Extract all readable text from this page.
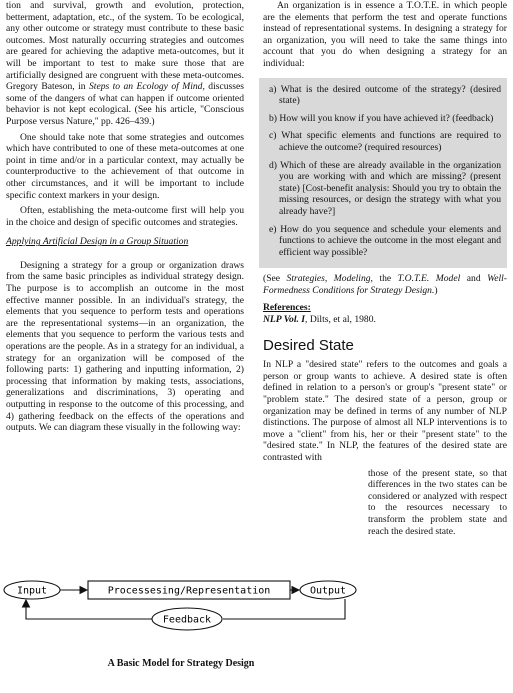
tion and survival, growth and evolution, protection, betterment, adaptation, etc., of the system. To be ecological, any other outcome or strategy must contribute to these basic outcomes. Most naturally occurring strategies and outcomes are geared for achieving the adaptive meta-outcomes, but it will be important to test to make sure those that are artificially designed are congruent with these meta-outcomes. Gregory Bateson, in Steps to an Ecology of Mind, discusses some of the dangers of what can happen if outcome oriented behavior is not kept ecological. (See his article, "Conscious Purpose versus Nature," pp. 426–439.)

One should take note that some strategies and outcomes which have contributed to one of these meta-outcomes at one point in time and/or in a particular context, may actually be counterproductive to the achievement of that outcome in other circumstances, and it will be important to include specific context markers in your design.

Often, establishing the meta-outcome first will help you in the choice and design of specific outcomes and strategies.

Applying Artificial Design in a Group Situation

Designing a strategy for a group or organization draws from the same basic principles as individual strategy design. The purpose is to accomplish an outcome in the most effective manner possible. In an individual's strategy, the elements that you sequence to perform tests and operations are the representational systems—in an organization, the elements that you sequence to perform the various tests and operations are the people. As in a strategy for an individual, a strategy for an organization will be composed of the following parts: 1) gathering and inputting information, 2) processing that information by making tests, associations, generalizations and discriminations, 3) operating and outputting in response to the outcome of this processing, and 4) gathering feedback on the effects of the operations and outputs. We can diagram these visually in the following way:

Input	Processesing/Representation	Output
Feedback
A Basic Model for Strategy Design

An organization is in essence a T.O.T.E. in which people are the elements that perform the test and operate functions instead of representational systems. In designing a strategy for an organization, you will need to take the same things into account that you do when designing a strategy for an individual:

a) What is the desired outcome of the strategy? (desired state)

b) How will you know if you have achieved it? (feedback)

c) What specific elements and functions are required to achieve the outcome? (required resources)

d) Which of these are already available in the organization you are working with and which are missing? (present state) [Cost-benefit analysis: Should you try to obtain the missing resources, or design the strategy with what you already have?]

e) How do you sequence and schedule your elements and functions to achieve the outcome in the most elegant and efficient way possible?

(See Strategies, Modeling, the T.O.T.E. Model and Well-Formedness Conditions for Strategy Design.)

References:
NLP Vol. I, Dilts, et al, 1980.
Desired State

In NLP a "desired state" refers to the outcomes and goals a person or group wants to achieve. A desired state is often defined in relation to a person's or group's "present state" or "problem state." The desired state of a person, group or organization may be defined in terms of any number of NLP distinctions. The purpose of almost all NLP interventions is to move a "client" from his, her or their "present state" to the "desired state." In NLP, the features of the desired state are contrasted with

those of the present state, so that differences in the two states can be considered or analyzed with respect to the resources necessary to transform the problem state and reach the desired state.
